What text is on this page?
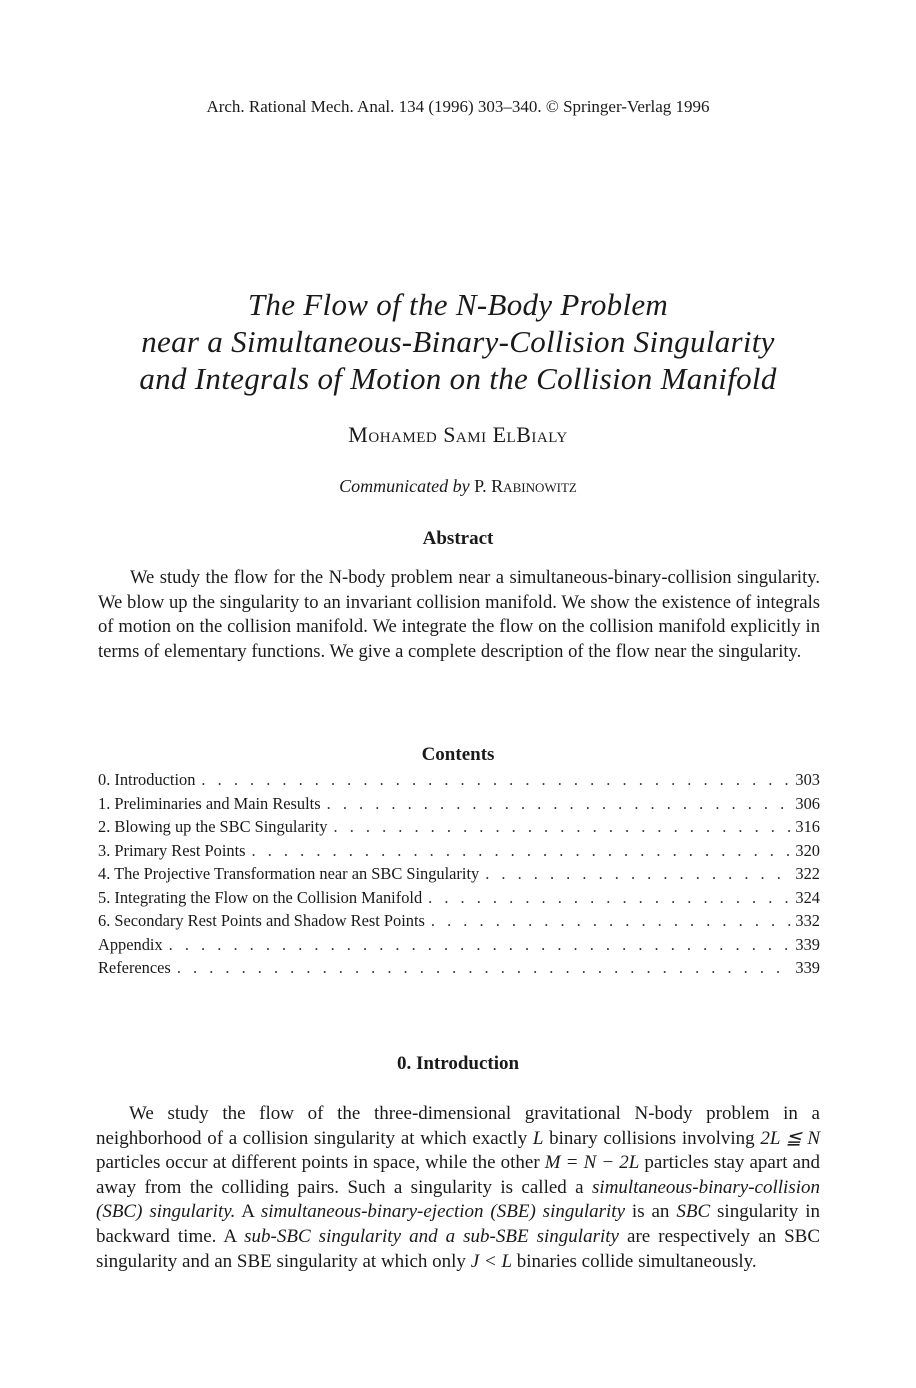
Arch. Rational Mech. Anal. 134 (1996) 303–340. © Springer-Verlag 1996
The Flow of the N-Body Problem
near a Simultaneous-Binary-Collision Singularity
and Integrals of Motion on the Collision Manifold
Mohamed Sami ElBialy
Communicated by P. Rabinowitz
Abstract

We study the flow for the N-body problem near a simultaneous-binary-collision singularity. We blow up the singularity to an invariant collision manifold. We show the existence of integrals of motion on the collision manifold. We integrate the flow on the collision manifold explicitly in terms of elementary functions. We give a complete description of the flow near the singularity.

Contents
0. Introduction . . .	303
1. Preliminaries and Main Results . . .	306
2. Blowing up the SBC Singularity . . .	316
3. Primary Rest Points . . .	320
4. The Projective Transformation near an SBC Singularity . . .	322
5. Integrating the Flow on the Collision Manifold . . .	324
6. Secondary Rest Points and Shadow Rest Points . . .	332
Appendix . . .	339
References . . .	339
0. Introduction

We study the flow of the three-dimensional gravitational N-body problem in a neighborhood of a collision singularity at which exactly L binary collisions involving 2L ≦ N particles occur at different points in space, while the other M = N − 2L particles stay apart and away from the colliding pairs. Such a singularity is called a simultaneous-binary-collision (SBC) singularity. A simultaneous-binary-ejection (SBE) singularity is an SBC singularity in backward time. A sub-SBC singularity and a sub-SBE singularity are respectively an SBC singularity and an SBE singularity at which only J < L binaries collide simultaneously.
